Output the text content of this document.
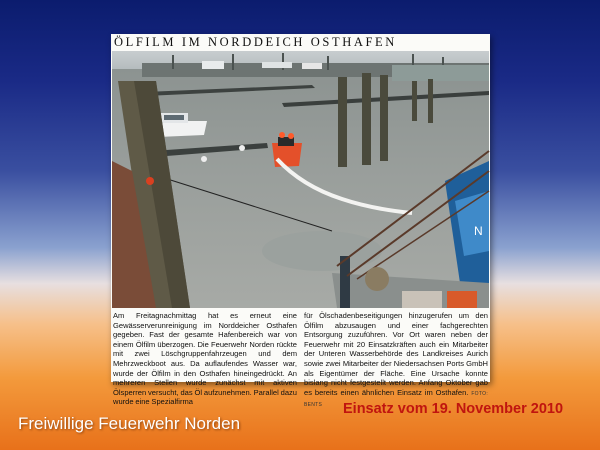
ÖLFILM IM NORDDEICH OSTHAFEN
N
Am Freitagnachmittag hat es erneut eine Gewässerverunreinigung im Norddeicher Osthafen gegeben. Fast der gesamte Hafenbereich war von einem Ölfilm überzogen. Die Feuerwehr Norden rückte mit zwei Löschgruppenfahrzeugen und dem Mehrzweckboot aus. Da auflaufendes Wasser war, wurde der Ölfilm in den Osthafen hineingedrückt. An mehreren Stellen wurde zunächst mit aktiven Ölsperren versucht, das Öl aufzunehmen. Parallel dazu wurde eine Spezialfirma
für Ölschadenbeseitigungen hinzugerufen um den Ölfilm abzusaugen und einer fachgerechten Entsorgung zuzuführen. Vor Ort waren neben der Feuerwehr mit 20 Einsatzkräften auch ein Mitarbeiter der Unteren Wasserbehörde des Landkreises Aurich sowie zwei Mitarbeiter der Niedersachsen Ports GmbH als Eigentümer der Fläche. Eine Ursache konnte bislang nicht festgestellt werden. Anfang Oktober gab es bereits einen ähnlichen Einsatz im Osthafen. FOTO: BENTS	Einsatz vom 19. November 2010
Freiwillige Feuerwehr Norden
